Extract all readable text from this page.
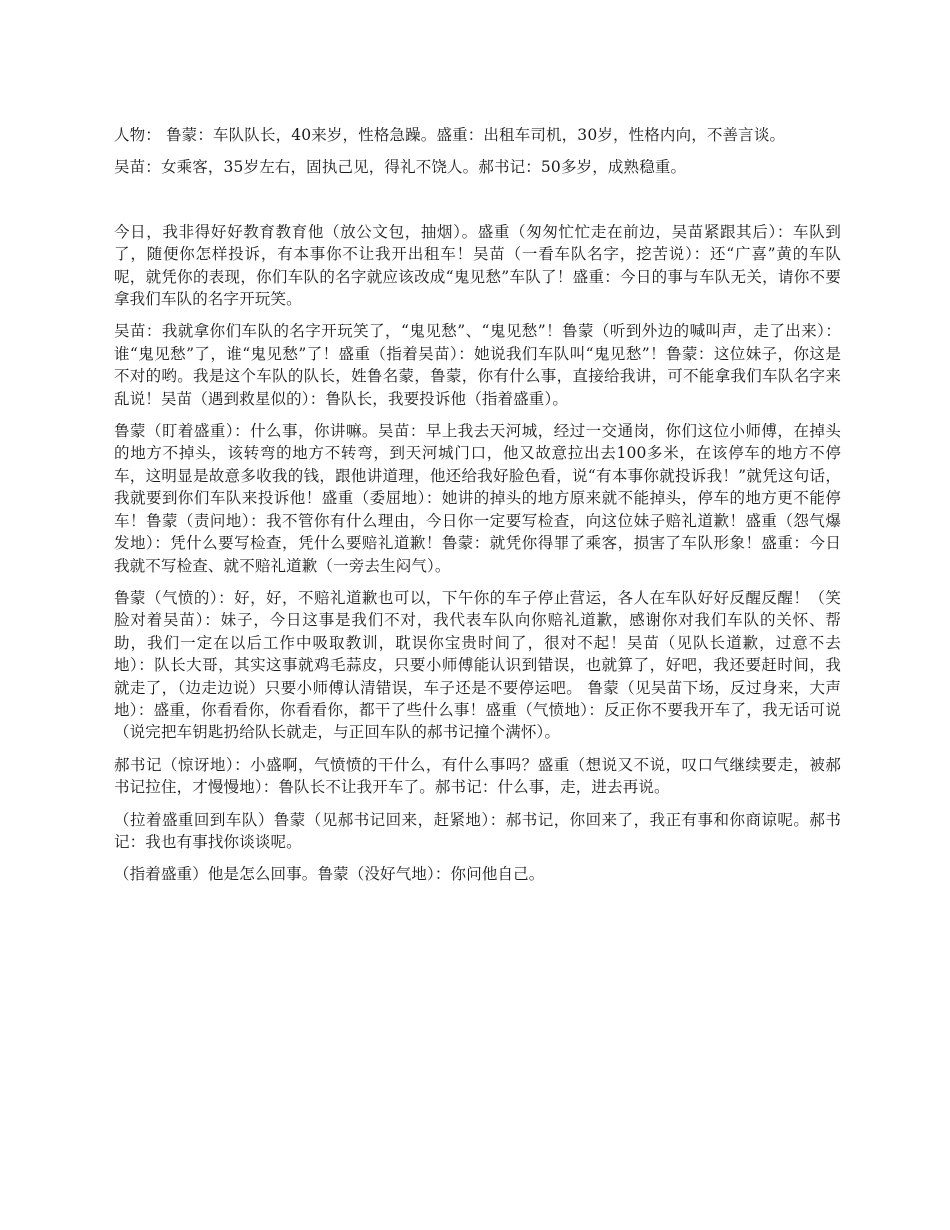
人物： 鲁蒙：车队队长，40来岁，性格急躁。盛重：出租车司机，30岁，性格内向，不善言谈。

吴苗：女乘客，35岁左右，固执己见，得礼不饶人。郝书记：50多岁，成熟稳重。

今日，我非得好好教育教育他（放公文包，抽烟）。盛重（匆匆忙忙走在前边，吴苗紧跟其后）：车队到了，随便你怎样投诉，有本事你不让我开出租车！吴苗（一看车队名字，挖苦说）：还“广喜”黄的车队呢，就凭你的表现，你们车队的名字就应该改成“鬼见愁”车队了！盛重：今日的事与车队无关，请你不要拿我们车队的名字开玩笑。

吴苗：我就拿你们车队的名字开玩笑了，“鬼见愁”、“鬼见愁”！鲁蒙（听到外边的喊叫声，走了出来）：谁“鬼见愁”了，谁“鬼见愁”了！盛重（指着吴苗）：她说我们车队叫“鬼见愁”！鲁蒙：这位妹子，你这是不对的哟。我是这个车队的队长，姓鲁名蒙，鲁蒙，你有什么事，直接给我讲，可不能拿我们车队名字来乱说！吴苗（遇到救星似的）：鲁队长，我要投诉他（指着盛重）。

鲁蒙（盯着盛重）：什么事，你讲嘛。吴苗：早上我去天河城，经过一交通岗，你们这位小师傅，在掉头的地方不掉头，该转弯的地方不转弯，到天河城门口，他又故意拉出去100多米，在该停车的地方不停车，这明显是故意多收我的钱，跟他讲道理，他还给我好脸色看，说“有本事你就投诉我！”就凭这句话，我就要到你们车队来投诉他！盛重（委屈地）：她讲的掉头的地方原来就不能掉头，停车的地方更不能停车！鲁蒙（责问地）：我不管你有什么理由，今日你一定要写检查，向这位妹子赔礼道歉！盛重（怨气爆发地）：凭什么要写检查，凭什么要赔礼道歉！鲁蒙：就凭你得罪了乘客，损害了车队形象！盛重：今日我就不写检查、就不赔礼道歉（一旁去生闷气）。

鲁蒙（气愤的）：好，好，不赔礼道歉也可以，下午你的车子停止营运，各人在车队好好反醒反醒！（笑脸对着吴苗）：妹子，今日这事是我们不对，我代表车队向你赔礼道歉，感谢你对我们车队的关怀、帮助，我们一定在以后工作中吸取教训，耽误你宝贵时间了，很对不起！吴苗（见队长道歉，过意不去地）：队长大哥，其实这事就鸡毛蒜皮，只要小师傅能认识到错误，也就算了，好吧，我还要赶时间，我就走了，（边走边说）只要小师傅认清错误，车子还是不要停运吧。 鲁蒙（见吴苗下场，反过身来，大声地）：盛重，你看看你，你看看你，都干了些什么事！盛重（气愤地）：反正你不要我开车了，我无话可说（说完把车钥匙扔给队长就走，与正回车队的郝书记撞个满怀）。

郝书记（惊讶地）：小盛啊，气愤愤的干什么，有什么事吗？盛重（想说又不说，叹口气继续要走，被郝书记拉住，才慢慢地）：鲁队长不让我开车了。郝书记：什么事，走，进去再说。

（拉着盛重回到车队）鲁蒙（见郝书记回来，赶紧地）：郝书记，你回来了，我正有事和你商谅呢。郝书记：我也有事找你谈谈呢。

（指着盛重）他是怎么回事。鲁蒙（没好气地）：你问他自己。
